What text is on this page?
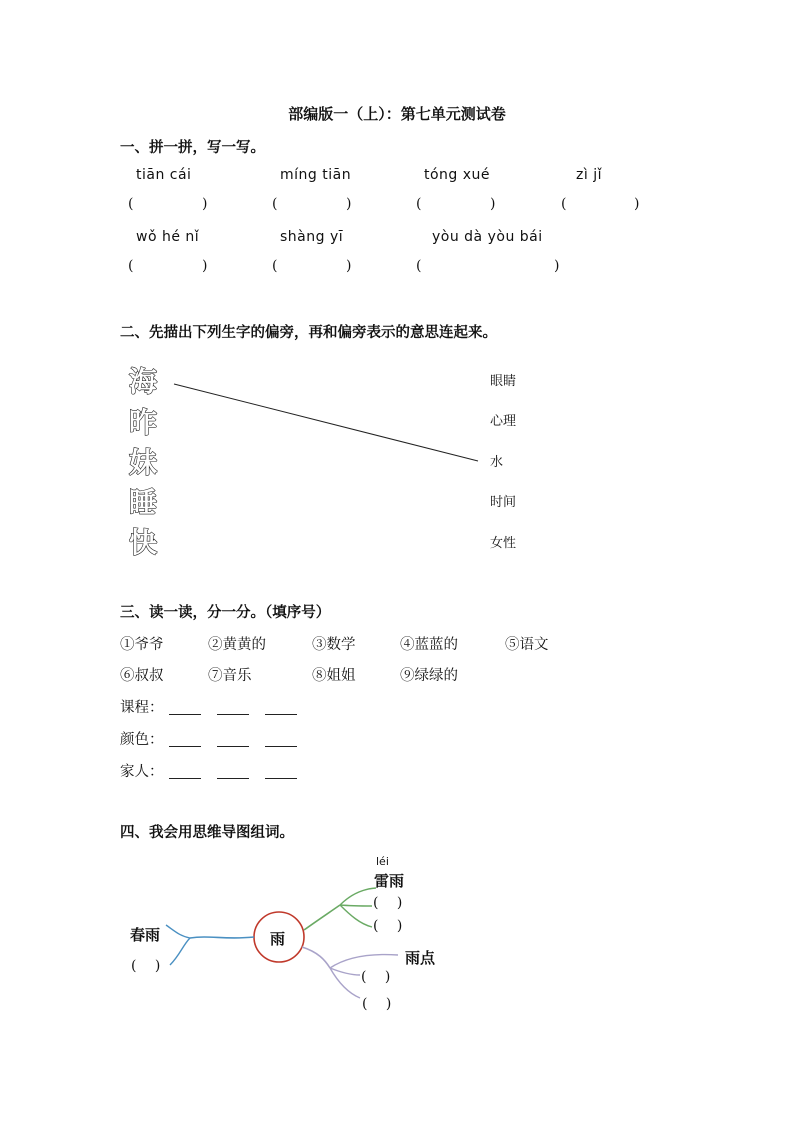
部编版一（上）：第七单元测试卷
一、拼一拼，写一写。
tiān cái	míng tiān	tóng xué	zì jǐ
(	)	(	)	(	)	(	)
wǒ hé nǐ	shàng yī	yòu dà yòu bái
(	)	(	)	(	)
二、先描出下列生字的偏旁，再和偏旁表示的意思连起来。
海
昨
妹
睡
快
眼睛
心理
水
时间
女性
三、读一读，分一分。（填序号）
①爷爷	②黄黄的	③数学	④蓝蓝的	⑤语文
⑥叔叔	⑦音乐	⑧姐姐	⑨绿绿的
课程：
颜色：
家人：
四、我会用思维导图组词。
雨
春雨
(　 )
léi
雷雨
(　 )
(　 )
雨点
(　 )
(　 )
